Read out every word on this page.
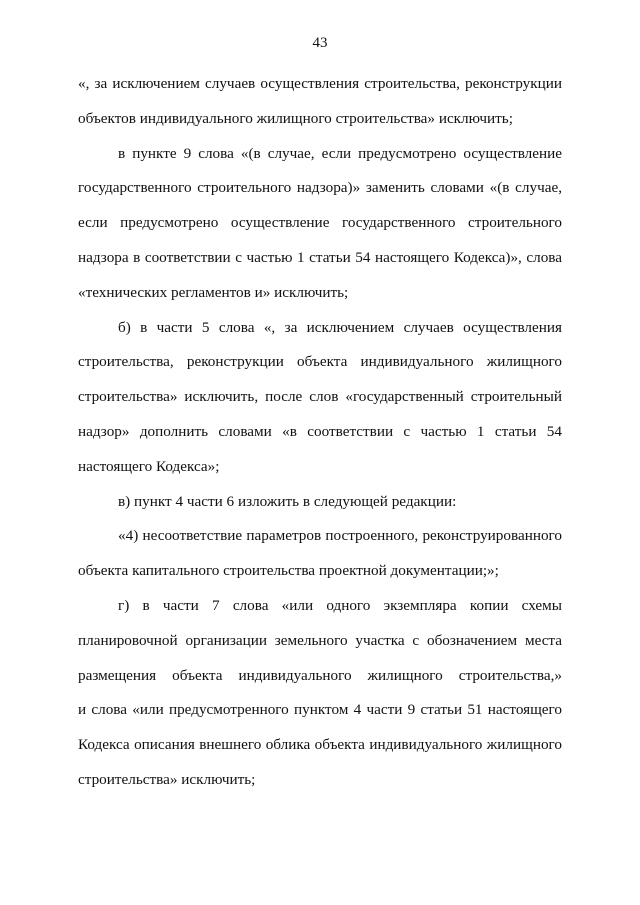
43

«, за исключением случаев осуществления строительства, реконструкции
объектов индивидуального жилищного строительства» исключить;

в пункте 9 слова «(в случае, если предусмотрено осуществление
государственного строительного надзора)» заменить словами «(в случае,
если предусмотрено осуществление государственного строительного
надзора в соответствии с частью 1 статьи 54 настоящего Кодекса)», слова
«технических регламентов и» исключить;

б) в части 5 слова «, за исключением случаев осуществления
строительства, реконструкции объекта индивидуального жилищного
строительства» исключить, после слов «государственный строительный
надзор» дополнить словами «в соответствии с частью 1 статьи 54
настоящего Кодекса»;

в) пункт 4 части 6 изложить в следующей редакции:

«4) несоответствие параметров построенного, реконструированного
объекта капитального строительства проектной документации;»;

г) в части 7 слова «или одного экземпляра копии схемы
планировочной организации земельного участка с обозначением места
размещения объекта индивидуального жилищного строительства,»
и слова «или предусмотренного пунктом 4 части 9 статьи 51 настоящего
Кодекса описания внешнего облика объекта индивидуального жилищного
строительства» исключить;
